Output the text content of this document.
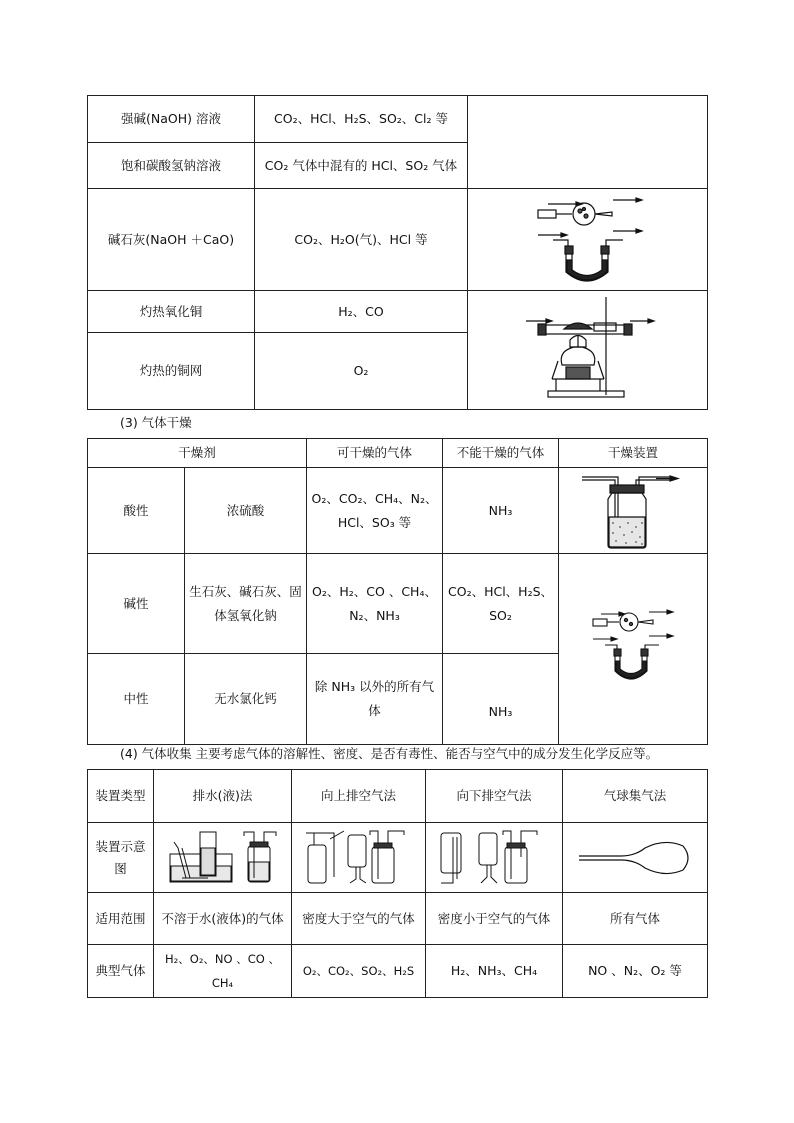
强碱(NaOH) 溶液	CO₂、HCl、H₂S、SO₂、Cl₂ 等	
饱和碳酸氢钠溶液	CO₂ 气体中混有的 HCl、SO₂ 气体	
碱石灰(NaOH ＋CaO)	CO₂、H₂O(气)、HCl 等	

灼热氧化铜	H₂、CO	

灼热的铜网	O₂	
(3) 气体干燥
干燥剂		可干燥的气体	不能干燥的气体	干燥装置
酸性	浓硫酸	O₂、CO₂、CH₄、N₂、HCl、SO₃ 等	NH₃	

碱性	生石灰、碱石灰、固体氢氧化钠	O₂、H₂、CO 、CH₄、N₂、NH₃	CO₂、HCl、H₂S、SO₂	

中性	无水氯化钙	除 NH₃ 以外的所有气体	NH₃	
(4) 气体收集 主要考虑气体的溶解性、密度、是否有毒性、能否与空气中的成分发生化学反应等。
装置类型	排水(液)法	向上排空气法	向下排空气法	气球集气法
装置示意图	

适用范围	不溶于水(液体)的气体	密度大于空气的气体	密度小于空气的气体	所有气体
典型气体	H₂、O₂、NO 、CO 、CH₄	O₂、CO₂、SO₂、H₂S	H₂、NH₃、CH₄	NO 、N₂、O₂ 等
